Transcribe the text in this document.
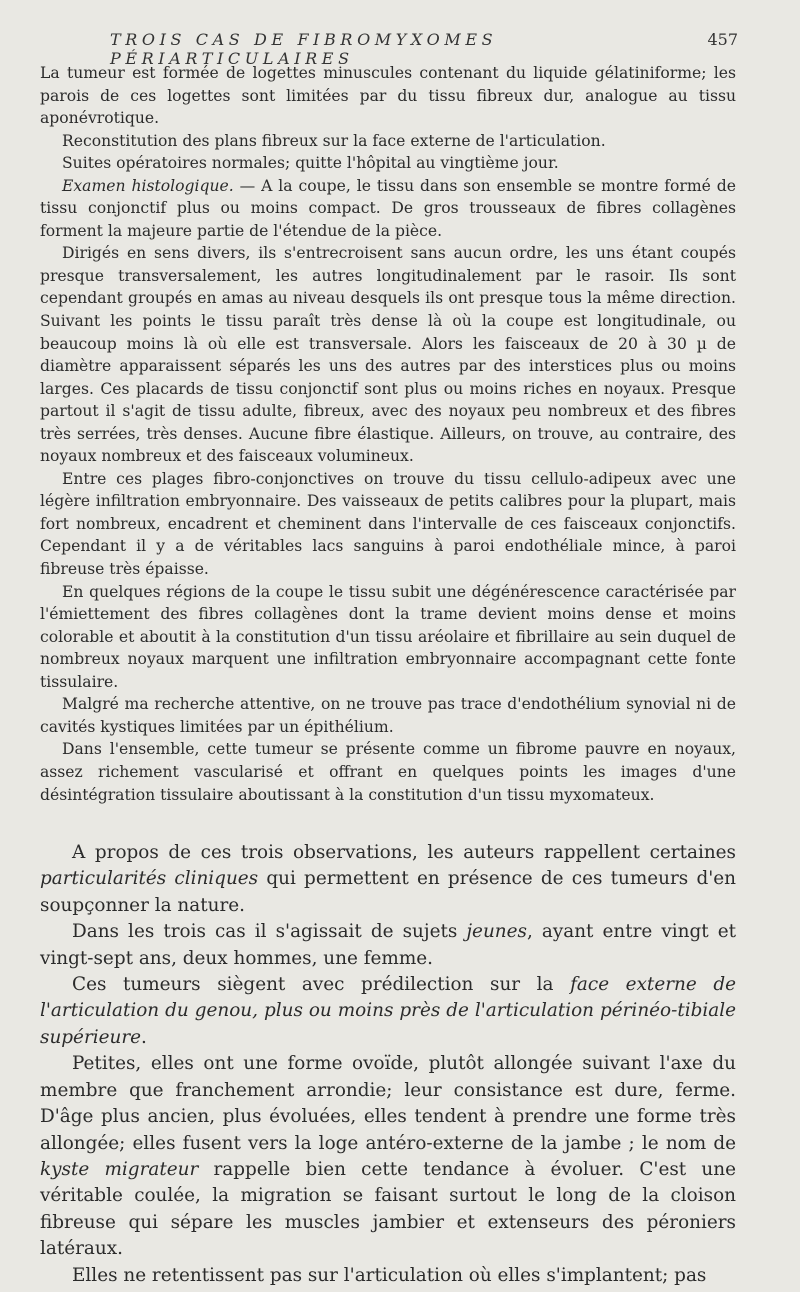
TROIS CAS DE FIBROMYXOMES PÉRIARTICULAIRES
457

La tumeur est formée de logettes minuscules contenant du liquide gélatiniforme; les parois de ces logettes sont limitées par du tissu fibreux dur, analogue au tissu aponévrotique.

Reconstitution des plans fibreux sur la face externe de l'articulation.

Suites opératoires normales; quitte l'hôpital au vingtième jour.

Examen histologique. — A la coupe, le tissu dans son ensemble se montre formé de tissu conjonctif plus ou moins compact. De gros trousseaux de fibres collagènes forment la majeure partie de l'étendue de la pièce.

Dirigés en sens divers, ils s'entrecroisent sans aucun ordre, les uns étant coupés presque transversalement, les autres longitudinalement par le rasoir. Ils sont cependant groupés en amas au niveau desquels ils ont presque tous la même direction. Suivant les points le tissu paraît très dense là où la coupe est longitudinale, ou beaucoup moins là où elle est transversale. Alors les faisceaux de 20 à 30 µ de diamètre apparaissent séparés les uns des autres par des interstices plus ou moins larges. Ces placards de tissu conjonctif sont plus ou moins riches en noyaux. Presque partout il s'agit de tissu adulte, fibreux, avec des noyaux peu nombreux et des fibres très serrées, très denses. Aucune fibre élastique. Ailleurs, on trouve, au contraire, des noyaux nombreux et des faisceaux volumineux.

Entre ces plages fibro-conjonctives on trouve du tissu cellulo-adipeux avec une légère infiltration embryonnaire. Des vaisseaux de petits calibres pour la plupart, mais fort nombreux, encadrent et cheminent dans l'intervalle de ces faisceaux conjonctifs. Cependant il y a de véritables lacs sanguins à paroi endothéliale mince, à paroi fibreuse très épaisse.

En quelques régions de la coupe le tissu subit une dégénérescence caractérisée par l'émiettement des fibres collagènes dont la trame devient moins dense et moins colorable et aboutit à la constitution d'un tissu aréolaire et fibrillaire au sein duquel de nombreux noyaux marquent une infiltration embryonnaire accompagnant cette fonte tissulaire.

Malgré ma recherche attentive, on ne trouve pas trace d'endothélium synovial ni de cavités kystiques limitées par un épithélium.

Dans l'ensemble, cette tumeur se présente comme un fibrome pauvre en noyaux, assez richement vascularisé et offrant en quelques points les images d'une désintégration tissulaire aboutissant à la constitution d'un tissu myxomateux.

A propos de ces trois observations, les auteurs rappellent certaines particularités cliniques qui permettent en présence de ces tumeurs d'en soupçonner la nature.

Dans les trois cas il s'agissait de sujets jeunes, ayant entre vingt et vingt-sept ans, deux hommes, une femme.

Ces tumeurs siègent avec prédilection sur la face externe de l'articulation du genou, plus ou moins près de l'articulation périnéo-tibiale supérieure.

Petites, elles ont une forme ovoïde, plutôt allongée suivant l'axe du membre que franchement arrondie; leur consistance est dure, ferme. D'âge plus ancien, plus évoluées, elles tendent à prendre une forme très allongée; elles fusent vers la loge antéro-externe de la jambe ; le nom de kyste migrateur rappelle bien cette tendance à évoluer. C'est une véritable coulée, la migration se faisant surtout le long de la cloison fibreuse qui sépare les muscles jambier et extenseurs des péroniers latéraux.

Elles ne retentissent pas sur l'articulation où elles s'implantent; pas
